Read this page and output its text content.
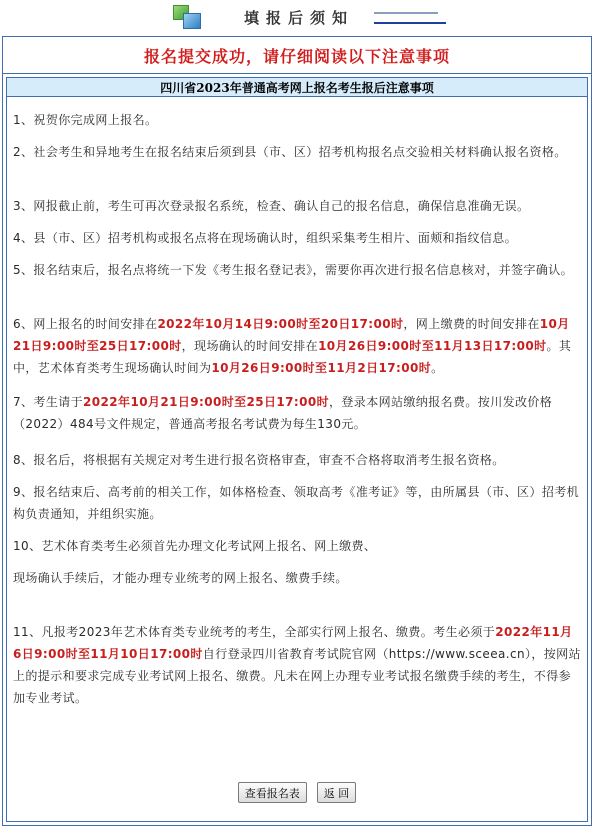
填报后须知
报名提交成功，请仔细阅读以下注意事项
四川省2023年普通高考网上报名考生报后注意事项

1、祝贺你完成网上报名。

2、社会考生和异地考生在报名结束后须到县（市、区）招考机构报名点交验相关材料确认报名资格。

3、网报截止前，考生可再次登录报名系统，检查、确认自己的报名信息，确保信息准确无误。

4、县（市、区）招考机构或报名点将在现场确认时，组织采集考生相片、面颊和指纹信息。

5、报名结束后，报名点将统一下发《考生报名登记表》，需要你再次进行报名信息核对，并签字确认。

6、网上报名的时间安排在2022年10月14日9:00时至20日17:00时，网上缴费的时间安排在10月21日9:00时至25日17:00时，现场确认的时间安排在10月26日9:00时至11月13日17:00时。其中，艺术体育类考生现场确认时间为10月26日9:00时至11月2日17:00时。

7、考生请于2022年10月21日9:00时至25日17:00时，登录本网站缴纳报名费。按川发改价格（2022）484号文件规定，普通高考报名考试费为每生130元。

8、报名后，将根据有关规定对考生进行报名资格审查，审查不合格将取消考生报名资格。

9、报名结束后、高考前的相关工作，如体格检查、领取高考《准考证》等，由所属县（市、区）招考机构负责通知，并组织实施。

10、艺术体育类考生必须首先办理文化考试网上报名、网上缴费、

现场确认手续后，才能办理专业统考的网上报名、缴费手续。

11、凡报考2023年艺术体育类专业统考的考生，全部实行网上报名、缴费。考生必须于2022年11月6日9:00时至11月10日17:00时自行登录四川省教育考试院官网（https://www.sceea.cn），按网站上的提示和要求完成专业考试网上报名、缴费。凡未在网上办理专业考试报名缴费手续的考生，不得参加专业考试。

查看报名表	返 回
